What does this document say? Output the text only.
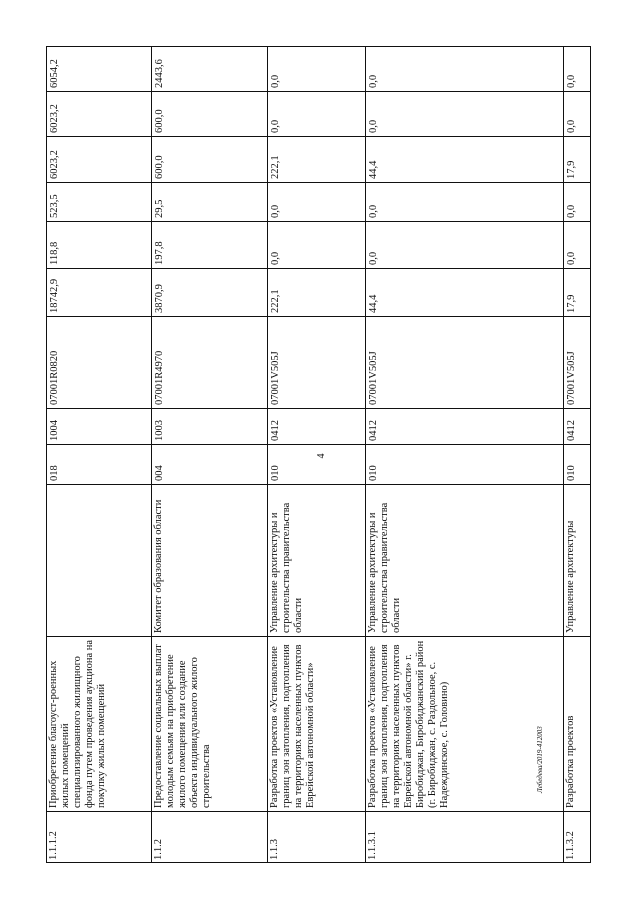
4
1.1.1.2
Приобретение благоуст-роенных жилых помещений специализированного жилищного фонда путем проведения аукциона на покупку жилых помещений
018
1004
07001R0820
18742,9
118,8
523,5
6023,2
6023,2
6054,2
1.1.2
Предоставление социальных выплат молодым семьям на приобретение жилого помещения или создание объекта индивидуального жилого строительства
Комитет образования области
004
1003
07001R4970
3870,9
197,8
29,5
600,0
600,0
2443,6
1.1.3
Разработка проектов «Установление границ зон затопления, подтопления на территориях населенных пунктов Еврейской автономной области»
Управление архитектуры и строительства правительства области
010
0412
07001V505J
222,1
0,0
0,0
222,1
0,0
0,0
1.1.3.1
Разработка проектов «Установление границ зон затопления, подтопления на территориях населенных пунктов Еврейской автономной области» г. Биробиджан, Биробиджанский район (г. Биробиджан, с. Раздольное, с. Надеждинское, с. Головино)
Управление архитектуры и строительства правительства области
010
0412
07001V505J
44,4
0,0
0,0
44,4
0,0
0,0
1.1.3.2
Разработка проектов
Управление архитектуры
010
0412
07001V505J
17,9
0,0
0,0
17,9
0,0
0,0
Лебедева/2019-412003
